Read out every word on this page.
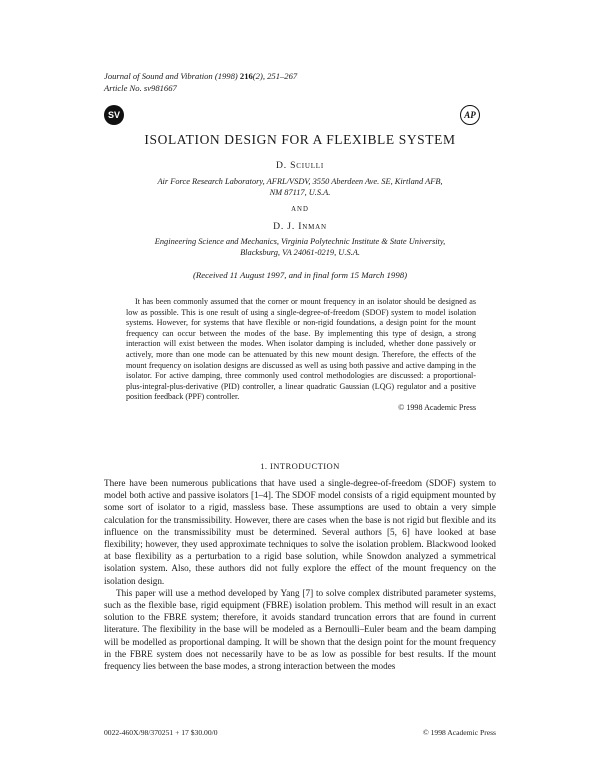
Journal of Sound and Vibration (1998) 216(2), 251–267
Article No. sv981667
SV	AP
ISOLATION DESIGN FOR A FLEXIBLE SYSTEM
D. Sciulli
Air Force Research Laboratory, AFRL/VSDV, 3550 Aberdeen Ave. SE, Kirtland AFB,
NM 87117, U.S.A.
AND
D. J. Inman
Engineering Science and Mechanics, Virginia Polytechnic Institute & State University,
Blacksburg, VA 24061-0219, U.S.A.
(Received 11 August 1997, and in final form 15 March 1998)
It has been commonly assumed that the corner or mount frequency in an isolator should be designed as low as possible. This is one result of using a single-degree-of-freedom (SDOF) system to model isolation systems. However, for systems that have flexible or non-rigid foundations, a design point for the mount frequency can occur between the modes of the base. By implementing this type of design, a strong interaction will exist between the modes. When isolator damping is included, whether done passively or actively, more than one mode can be attenuated by this new mount design. Therefore, the effects of the mount frequency on isolation designs are discussed as well as using both passive and active damping in the isolator. For active damping, three commonly used control methodologies are discussed: a proportional-plus-integral-plus-derivative (PID) controller, a linear quadratic Gaussian (LQG) regulator and a positive position feedback (PPF) controller.
© 1998 Academic Press
1. INTRODUCTION

There have been numerous publications that have used a single-degree-of-freedom (SDOF) system to model both active and passive isolators [1–4]. The SDOF model consists of a rigid equipment mounted by some sort of isolator to a rigid, massless base. These assumptions are used to obtain a very simple calculation for the transmissibility. However, there are cases when the base is not rigid but flexible and its influence on the transmissibility must be determined. Several authors [5, 6] have looked at base flexibility; however, they used approximate techniques to solve the isolation problem. Blackwood looked at base flexibility as a perturbation to a rigid base solution, while Snowdon analyzed a symmetrical isolation system. Also, these authors did not fully explore the effect of the mount frequency on the isolation design.

This paper will use a method developed by Yang [7] to solve complex distributed parameter systems, such as the flexible base, rigid equipment (FBRE) isolation problem. This method will result in an exact solution to the FBRE system; therefore, it avoids standard truncation errors that are found in current literature. The flexibility in the base will be modeled as a Bernoulli–Euler beam and the beam damping will be modelled as proportional damping. It will be shown that the design point for the mount frequency in the FBRE system does not necessarily have to be as low as possible for best results. If the mount frequency lies between the base modes, a strong interaction between the modes

0022-460X/98/370251 + 17 $30.00/0	© 1998 Academic Press
